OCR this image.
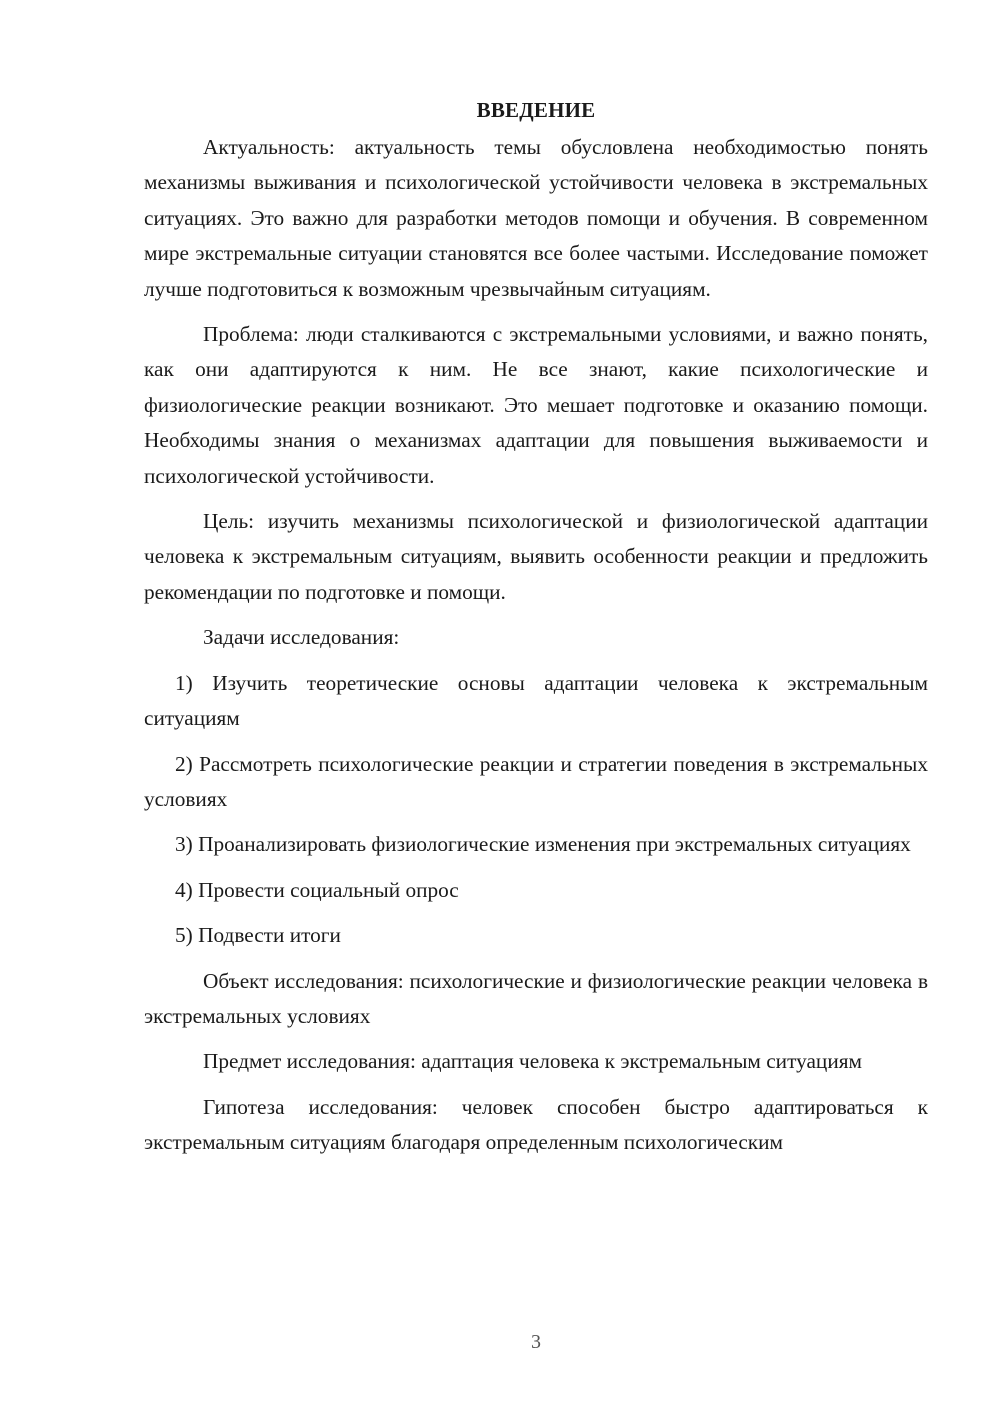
ВВЕДЕНИЕ

Актуальность: актуальность темы обусловлена необходимостью понять механизмы выживания и психологической устойчивости человека в экстремальных ситуациях. Это важно для разработки методов помощи и обучения. В современном мире экстремальные ситуации становятся все более частыми. Исследование поможет лучше подготовиться к возможным чрезвычайным ситуациям.

Проблема: люди сталкиваются с экстремальными условиями, и важно понять, как они адаптируются к ним. Не все знают, какие психологические и физиологические реакции возникают. Это мешает подготовке и оказанию помощи. Необходимы знания о механизмах адаптации для повышения выживаемости и психологической устойчивости.

Цель: изучить механизмы психологической и физиологической адаптации человека к экстремальным ситуациям, выявить особенности реакции и предложить рекомендации по подготовке и помощи.

Задачи исследования:

1) Изучить теоретические основы адаптации человека к экстремальным ситуациям

2) Рассмотреть психологические реакции и стратегии поведения в экстремальных условиях

3) Проанализировать физиологические изменения при экстремальных ситуациях

4) Провести социальный опрос

5) Подвести итоги

Объект исследования: психологические и физиологические реакции человека в экстремальных условиях

Предмет исследования: адаптация человека к экстремальным ситуациям

Гипотеза исследования: человек способен быстро адаптироваться к экстремальным ситуациям благодаря определенным психологическим

3
